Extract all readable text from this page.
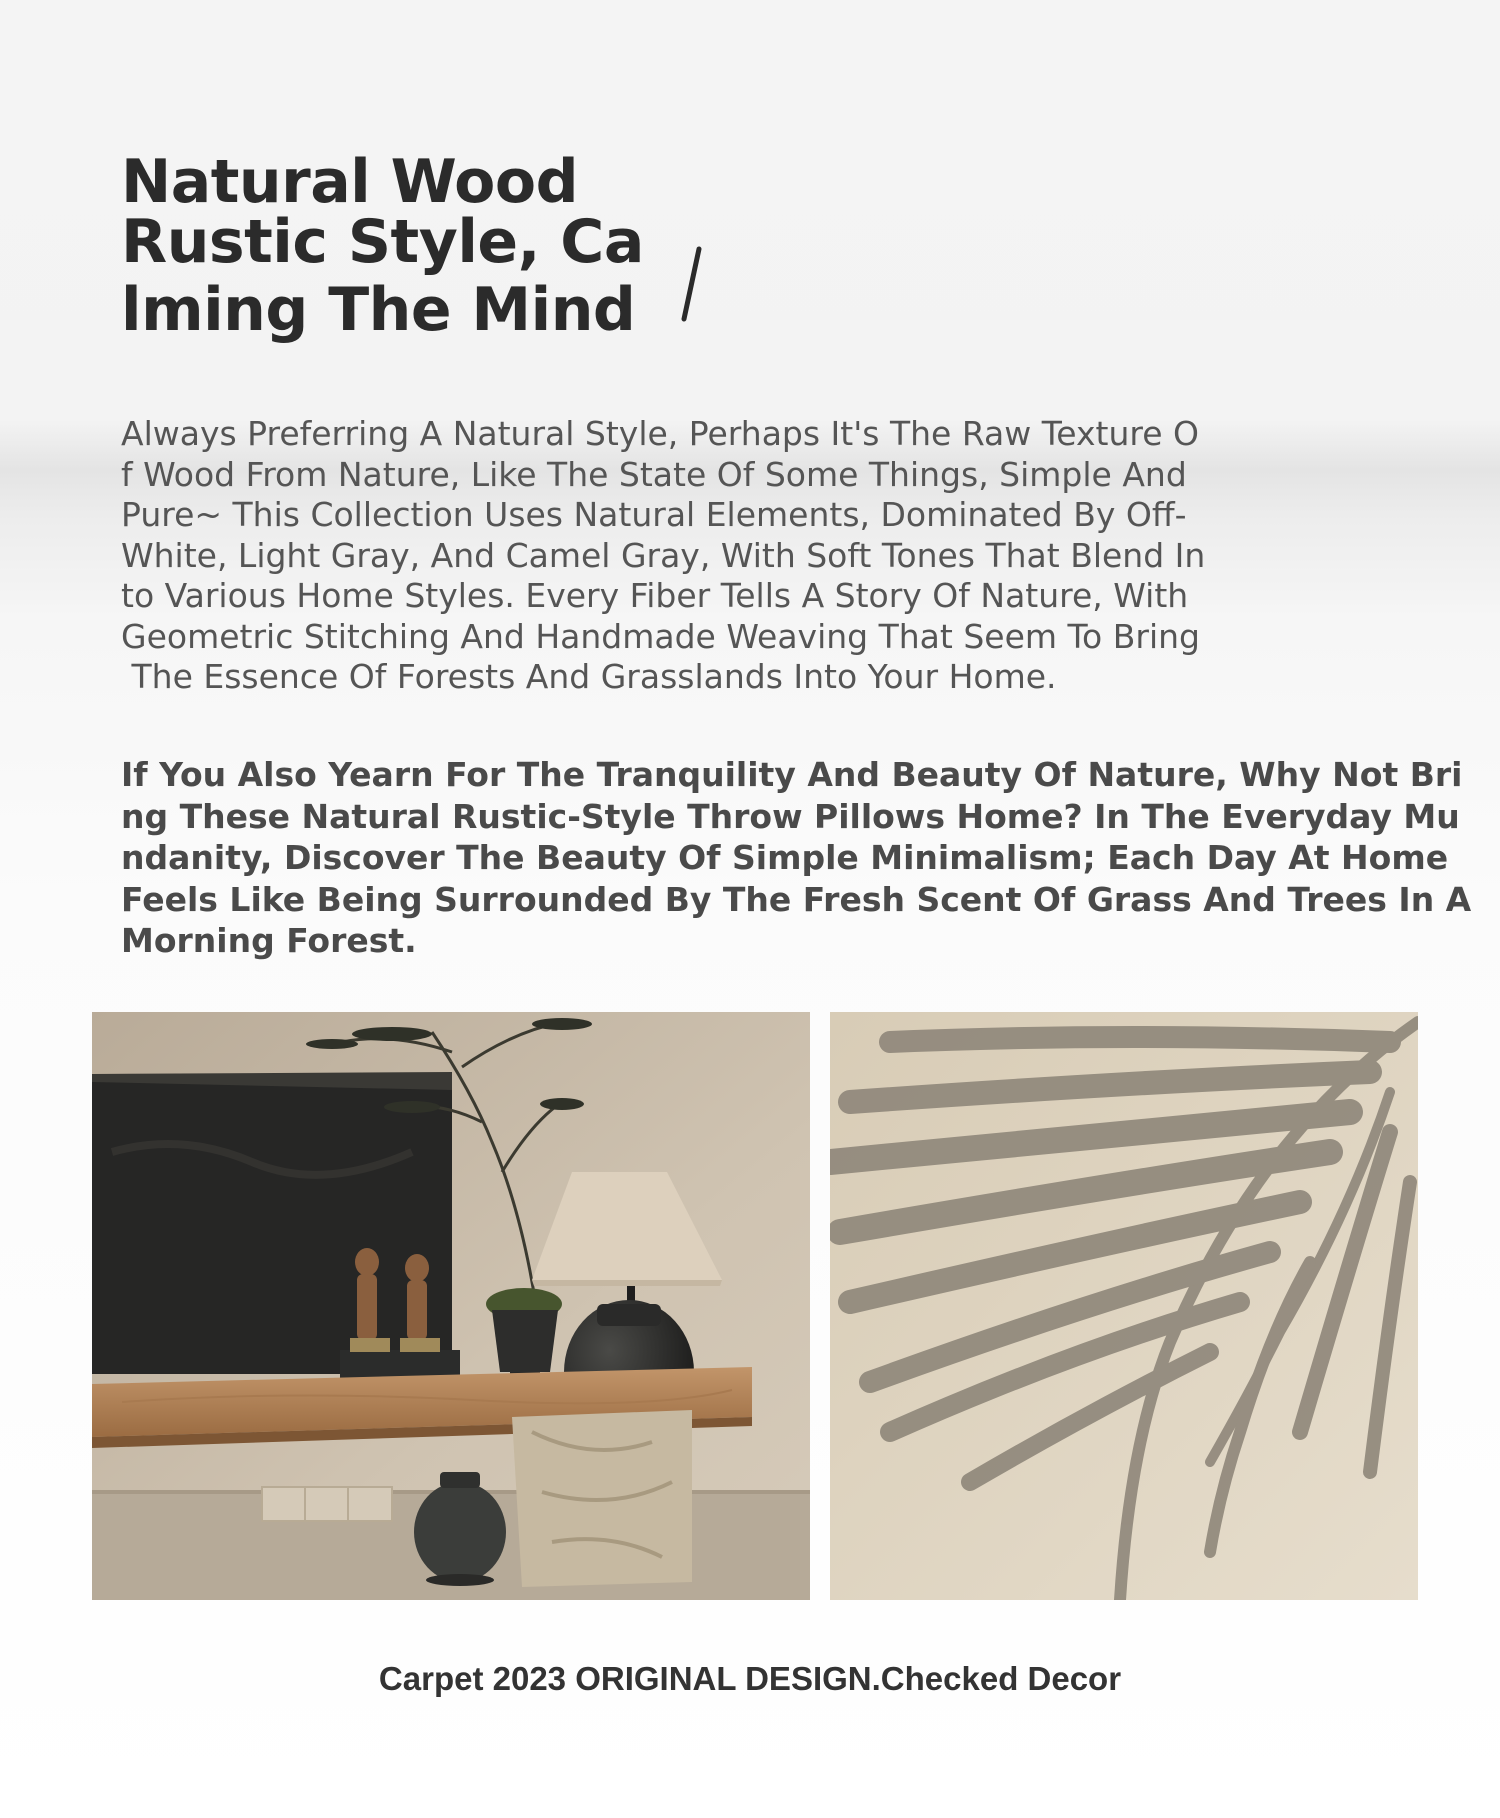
Natural Wood
Rustic Style, Ca
lming The Mind
Always Preferring A Natural Style, Perhaps It's The Raw Texture O
f Wood From Nature, Like The State Of Some Things, Simple And
Pure~ This Collection Uses Natural Elements, Dominated By Off-
White, Light Gray, And Camel Gray, With Soft Tones That Blend In
to Various Home Styles. Every Fiber Tells A Story Of Nature, With
Geometric Stitching And Handmade Weaving That Seem To Bring
The Essence Of Forests And Grasslands Into Your Home.
If You Also Yearn For The Tranquility And Beauty Of Nature, Why Not Bri
ng These Natural Rustic-Style Throw Pillows Home? In The Everyday Mu
ndanity, Discover The Beauty Of Simple Minimalism; Each Day At Home
Feels Like Being Surrounded By The Fresh Scent Of Grass And Trees In A
Morning Forest.
Carpet 2023 ORIGINAL DESIGN.Checked Decor
